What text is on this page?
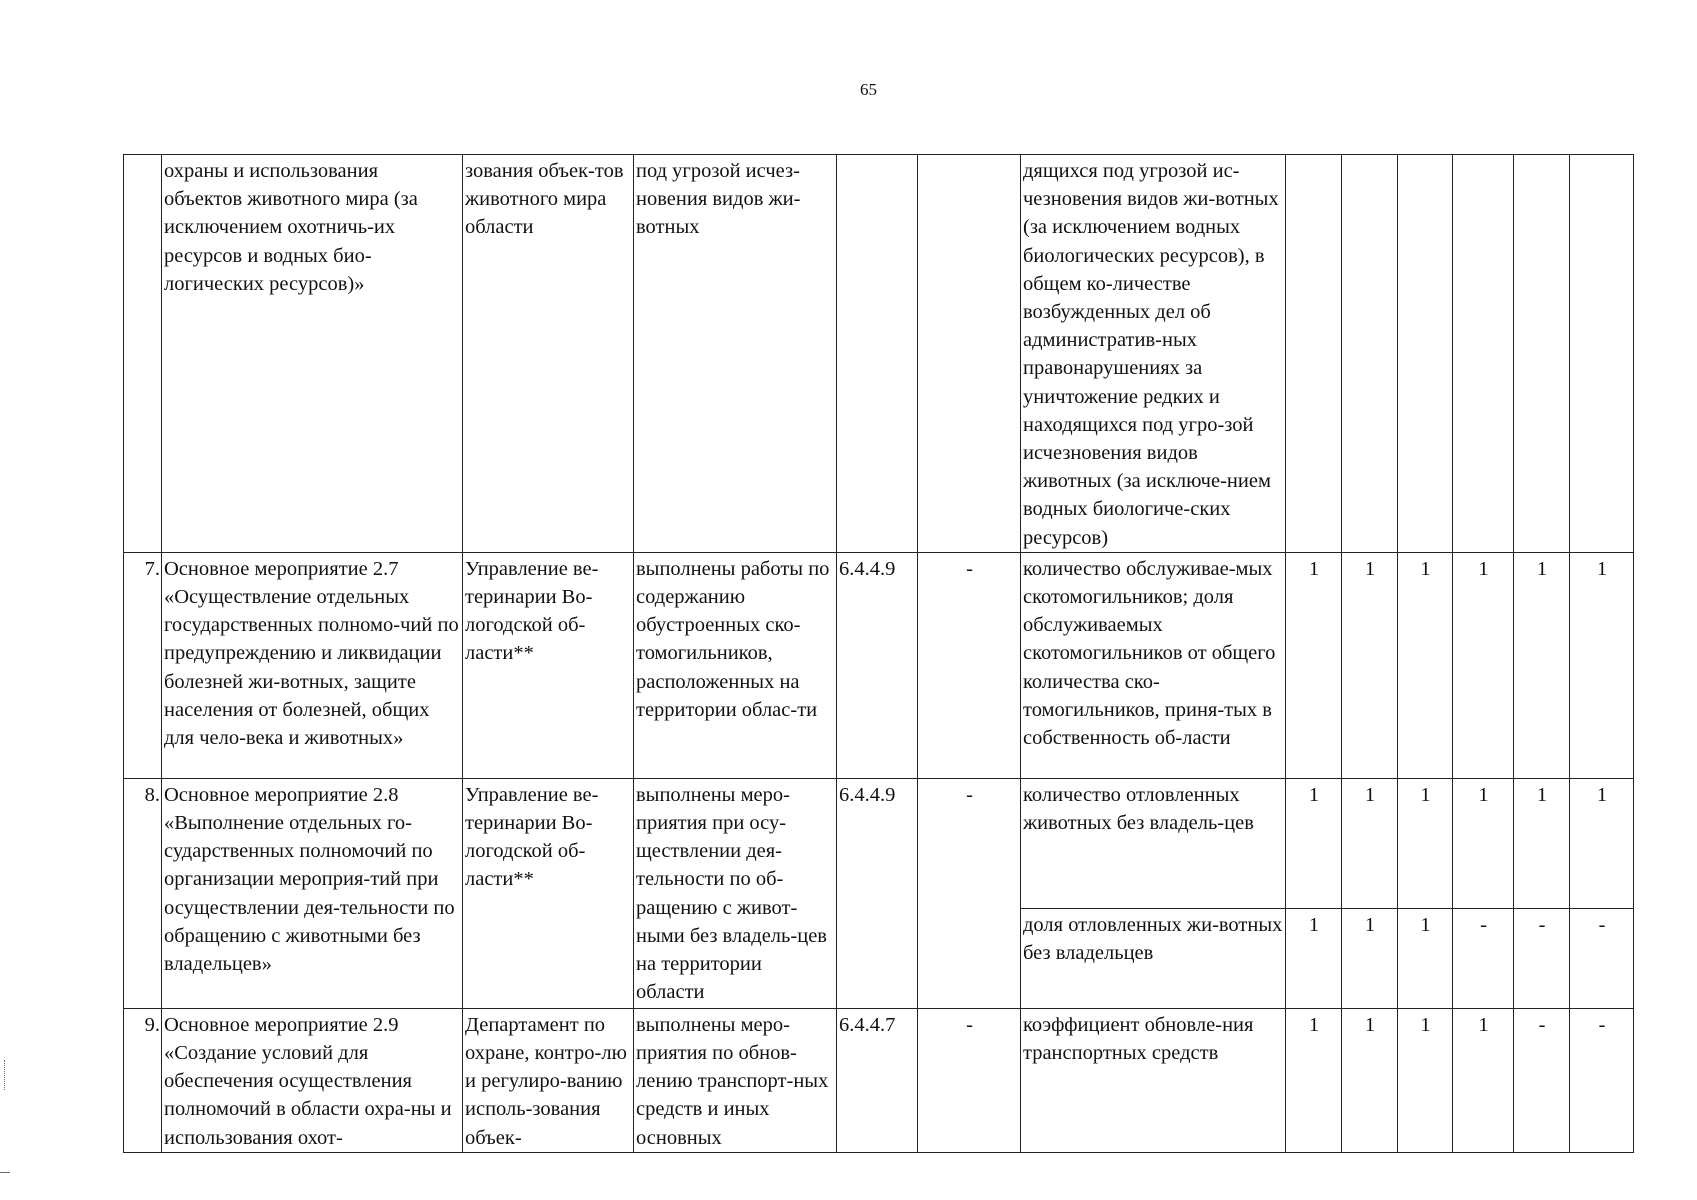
65
	охраны и использования объектов животного мира (за исключением охотничь-их ресурсов и водных био-логических ресурсов)»	зования объек-тов животного мира области	под угрозой исчез-новения видов жи-вотных			дящихся под угрозой ис-чезновения видов жи-вотных (за исключением водных биологических ресурсов), в общем ко-личестве возбужденных дел об административ-ных правонарушениях за уничтожение редких и находящихся под угро-зой исчезновения видов животных (за исключе-нием водных биологиче-ских ресурсов)						
7.	Основное мероприятие 2.7 «Осуществление отдельных государственных полномо-чий по предупреждению и ликвидации болезней жи-вотных, защите населения от болезней, общих для чело-века и животных»	Управление ве-теринарии Во-логодской об-ласти**	выполнены работы по содержанию обустроенных ско-томогильников, расположенных на территории облас-ти	6.4.4.9	-	количество обслуживае-мых скотомогильников; доля обслуживаемых скотомогильников от общего количества ско-томогильников, приня-тых в собственность об-ласти	1	1	1	1	1	1
8.	Основное мероприятие 2.8 «Выполнение отдельных го-сударственных полномочий по организации мероприя-тий при осуществлении дея-тельности по обращению с животными без владельцев»	Управление ве-теринарии Во-логодской об-ласти**	выполнены меро-приятия при осу-ществлении дея-тельности по об-ращению с живот-ными без владель-цев на территории области	6.4.4.9	-	количество отловленных животных без владель-цев	1	1	1	1	1	1
						доля отловленных жи-вотных без владельцев	1	1	1	-	-	-
9.	Основное мероприятие 2.9 «Создание условий для обеспечения осуществления полномочий в области охра-ны и использования охот-	Департамент по охране, контро-лю и регулиро-ванию исполь-зования объек-	выполнены меро-приятия по обнов-лению транспорт-ных средств и иных основных	6.4.4.7	-	коэффициент обновле-ния транспортных средств	1	1	1	1	-	-
